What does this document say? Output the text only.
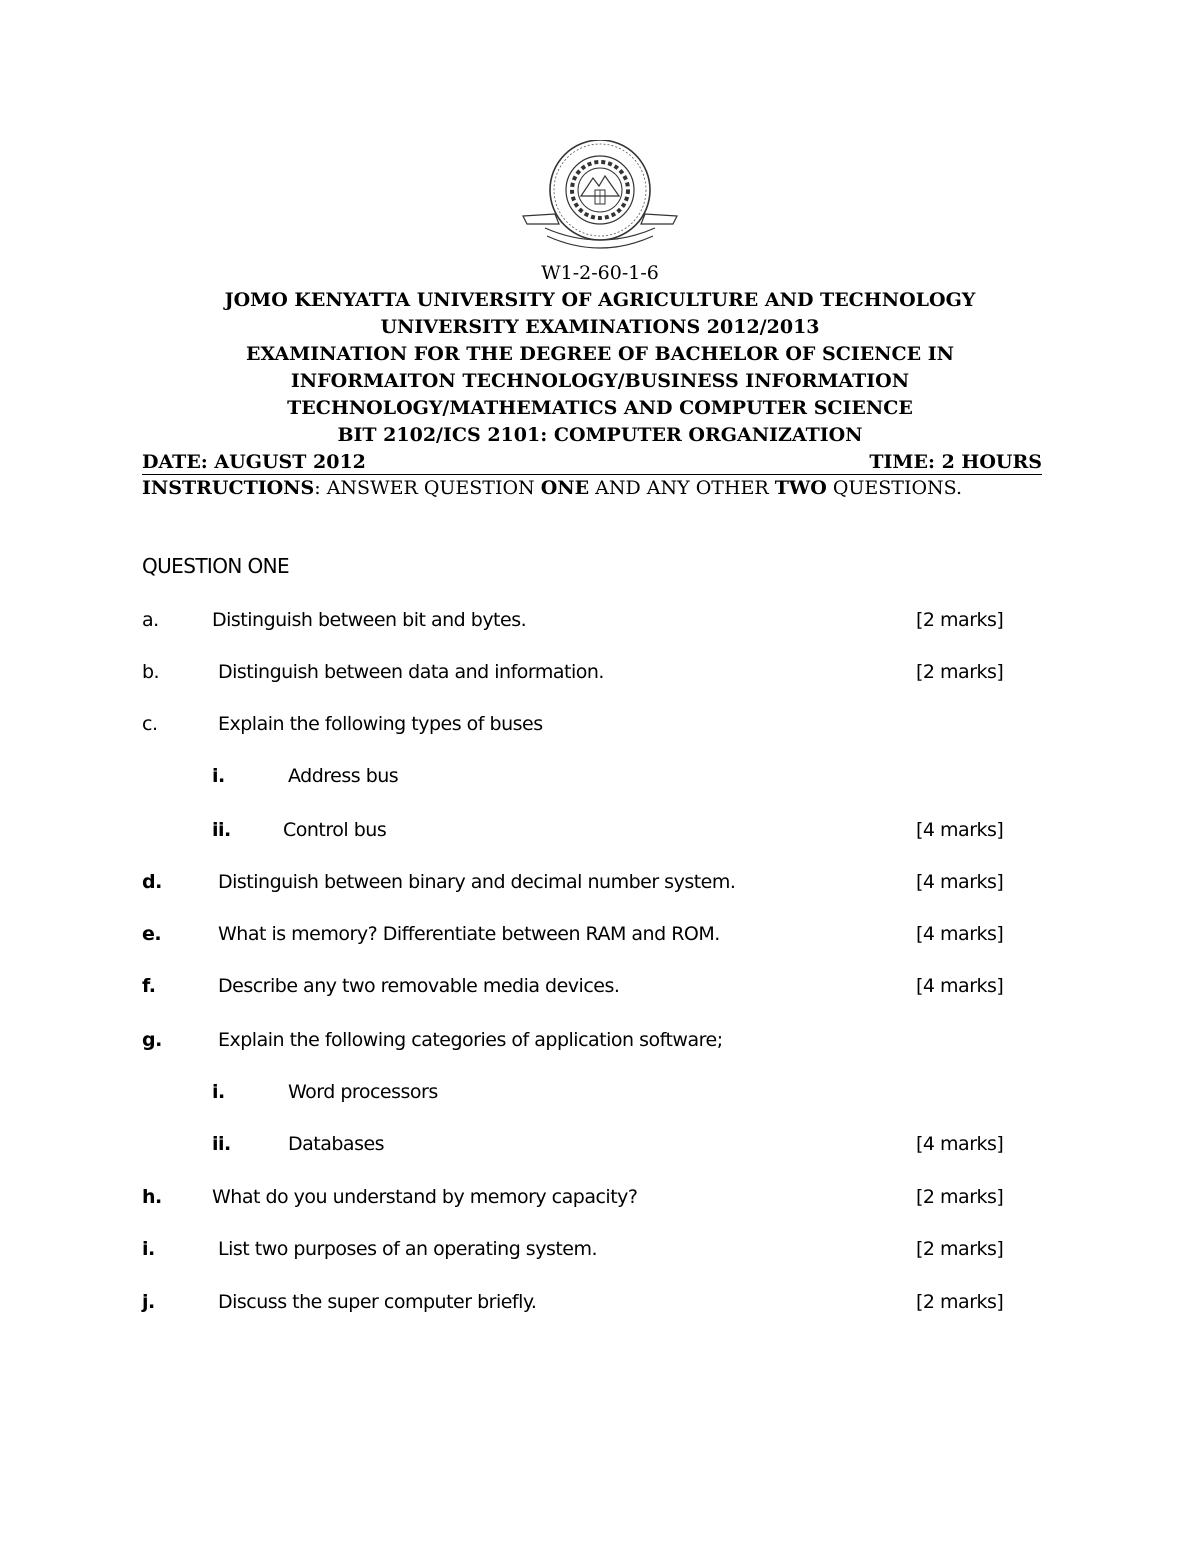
W1-2-60-1-6
JOMO KENYATTA UNIVERSITY OF AGRICULTURE AND TECHNOLOGY
UNIVERSITY EXAMINATIONS 2012/2013
EXAMINATION FOR THE DEGREE OF BACHELOR OF SCIENCE IN
INFORMAITON TECHNOLOGY/BUSINESS INFORMATION
TECHNOLOGY/MATHEMATICS AND COMPUTER SCIENCE
BIT 2102/ICS 2101: COMPUTER ORGANIZATION
DATE: AUGUST 2012	TIME: 2 HOURS
INSTRUCTIONS: ANSWER QUESTION ONE AND ANY OTHER TWO QUESTIONS.
QUESTION ONE
a.	Distinguish between bit and bytes.	[2 marks]
b.	Distinguish between data and information.	[2 marks]
c.	Explain the following types of buses
i.	Address bus
ii.	Control bus	[4 marks]
d.	Distinguish between binary and decimal number system.	[4 marks]
e.	What is memory? Differentiate between RAM and ROM.	[4 marks]
f.	Describe any two removable media devices.	[4 marks]
g.	Explain the following categories of application software;
i.	Word processors
ii.	Databases	[4 marks]
h.	What do you understand by memory capacity?	[2 marks]
i.	List two purposes of an operating system.	[2 marks]
j.	Discuss the super computer briefly.	[2 marks]
